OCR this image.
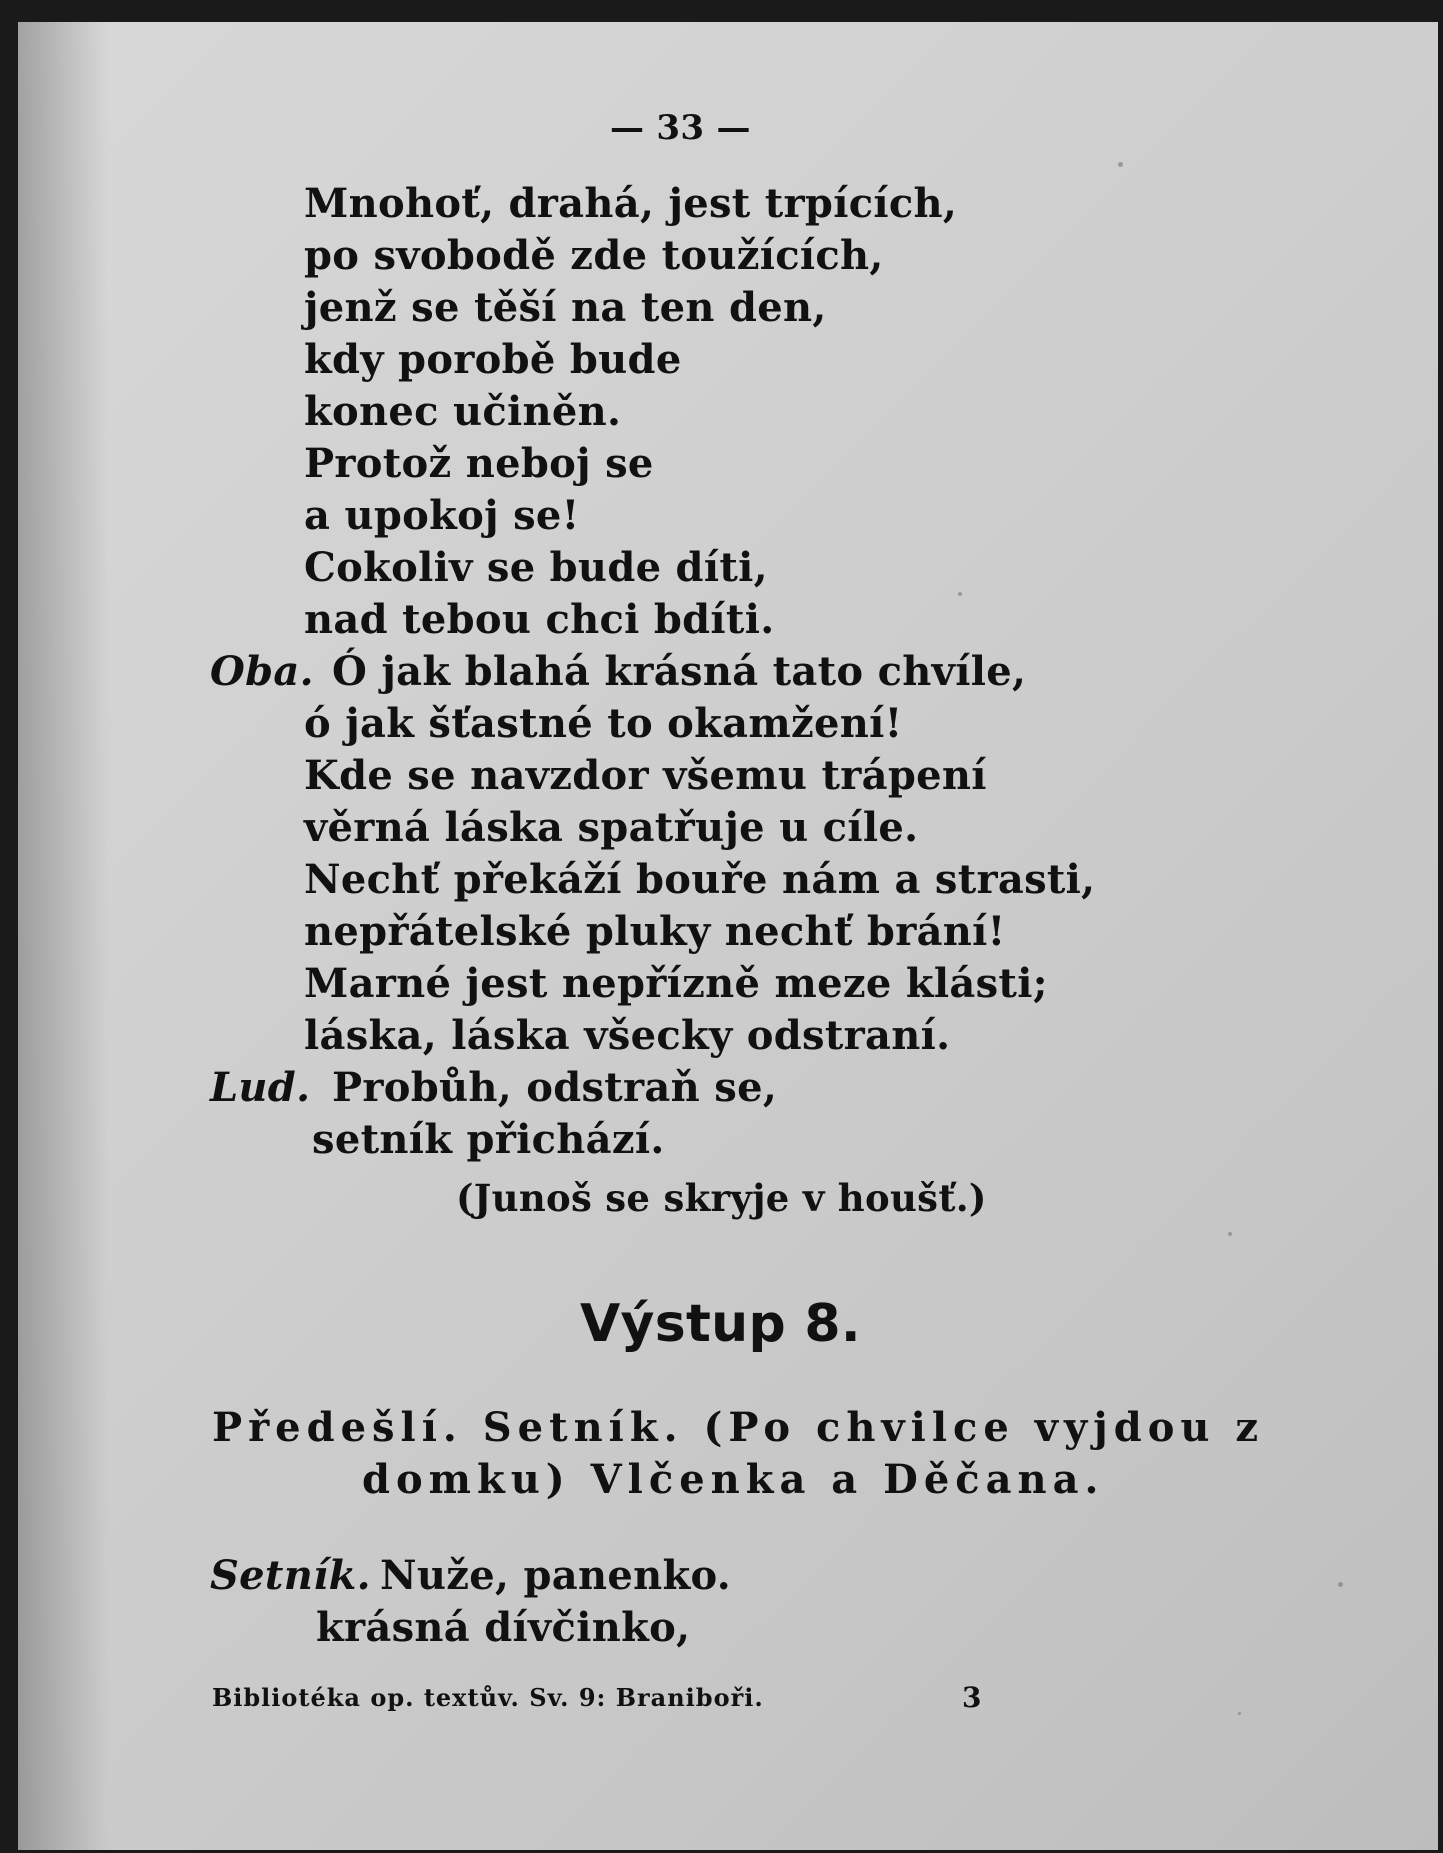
— 33 —
Mnohoť, drahá, jest trpících,
po svobodě zde toužících,
jenž se těší na ten den,
kdy porobě bude
konec učiněn.
Protož neboj se
a upokoj se!
Cokoliv se bude díti,
nad tebou chci bdíti.
Oba. Ó jak blahá krásná tato chvíle,
ó jak šťastné to okamžení!
Kde se navzdor všemu trápení
věrná láska spatřuje u cíle.
Nechť překáží bouře nám a strasti,
nepřátelské pluky nechť brání!
Marné jest nepřízně meze klásti;
láska, láska všecky odstraní.
Lud. Probůh, odstraň se,
setník přichází.
(Junoš se skryje v houšť.)
Výstup 8.
Předešlí. Setník. (Po chvilce vyjdou z
domku) Vlčenka a Děčana.
Setník. Nuže, panenko.
krásná dívčinko,
Bibliotéka op. textův. Sv. 9: Braniboři.	3
